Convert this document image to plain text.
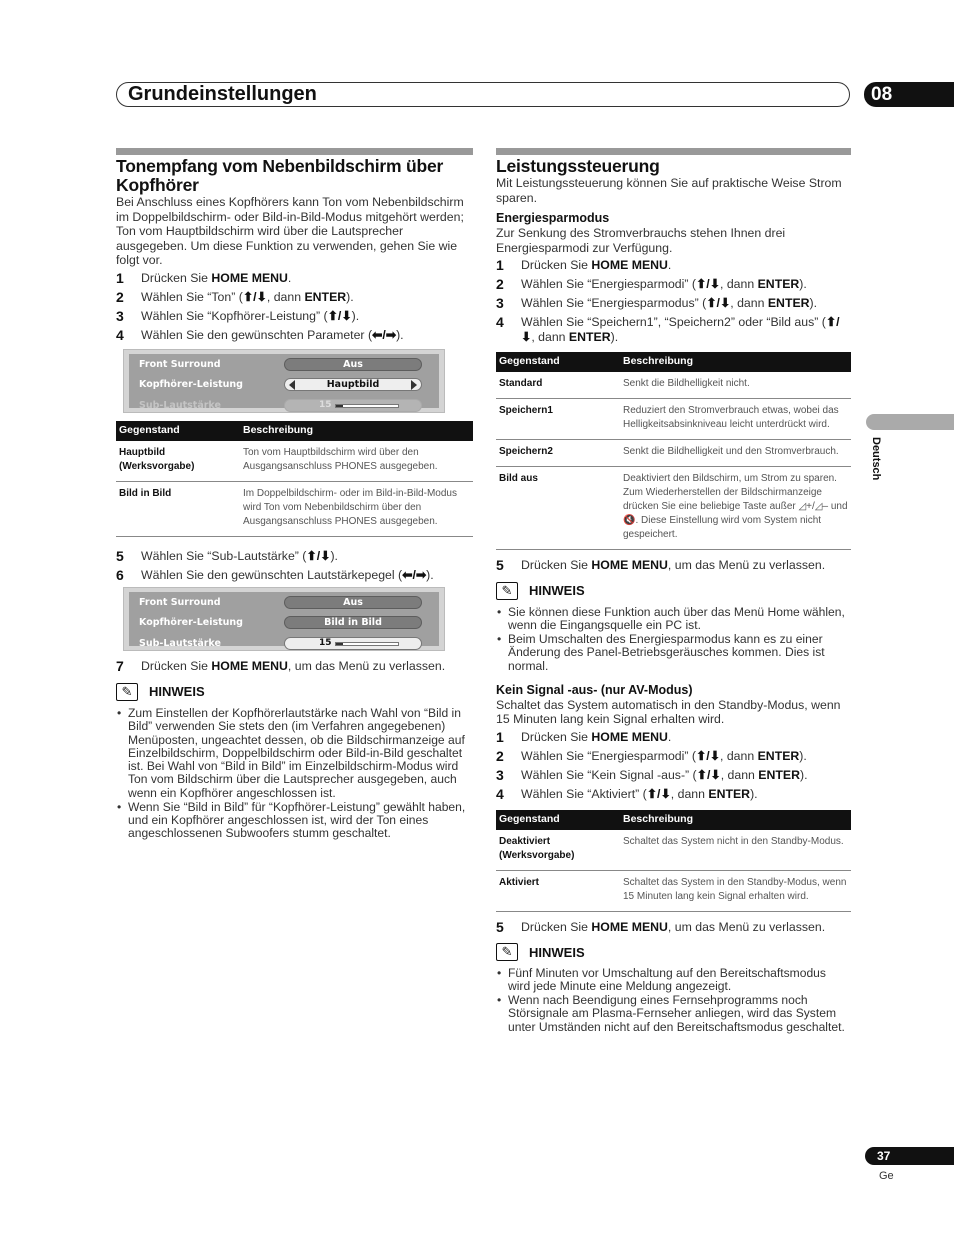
Grundeinstellungen	08
Tonempfang vom Nebenbildschirm über Kopfhörer

Bei Anschluss eines Kopfhörers kann Ton vom Nebenbildschirm im Doppelbildschirm- oder Bild-in-Bild-Modus mitgehört werden; Ton vom Hauptbildschirm wird über die Lautsprecher ausgegeben. Um diese Funktion zu verwenden, gehen Sie wie folgt vor.

1	Drücken Sie HOME MENU.
2	Wählen Sie “Ton” (⬆/⬇, dann ENTER).
3	Wählen Sie “Kopfhörer-Leistung” (⬆/⬇).
4	Wählen Sie den gewünschten Parameter (⬅/➡).
Front Surround	Aus
Kopfhörer-Leistung	Hauptbild
Sub-Lautstärke	15
Gegenstand	Beschreibung
Hauptbild (Werksvorgabe)	Ton vom Hauptbildschirm wird über den Ausgangsanschluss PHONES ausgegeben.
Bild in Bild	Im Doppelbildschirm- oder im Bild-in-Bild-Modus wird Ton vom Nebenbildschirm über den Ausgangsanschluss PHONES ausgegeben.
5	Wählen Sie “Sub-Lautstärke” (⬆/⬇).
6	Wählen Sie den gewünschten Lautstärkepegel (⬅/➡).
Front Surround	Aus
Kopfhörer-Leistung	Bild in Bild
Sub-Lautstärke	15
7	Drücken Sie HOME MENU, um das Menü zu verlassen.
✎	HINWEIS
• Zum Einstellen der Kopfhörerlautstärke nach Wahl von “Bild in Bild” verwenden Sie stets den (im Verfahren angegebenen) Menüposten, ungeachtet dessen, ob die Bildschirmanzeige auf Einzelbildschirm, Doppelbildschirm oder Bild-in-Bild geschaltet ist. Bei Wahl von “Bild in Bild” im Einzelbildschirm-Modus wird Ton vom Bildschirm über die Lautsprecher ausgegeben, auch wenn ein Kopfhörer angeschlossen ist.
• Wenn Sie “Bild in Bild” für “Kopfhörer-Leistung” gewählt haben, und ein Kopfhörer angeschlossen ist, wird der Ton eines angeschlossenen Subwoofers stumm geschaltet.
Leistungssteuerung

Mit Leistungssteuerung können Sie auf praktische Weise Strom sparen.

Energiesparmodus

Zur Senkung des Stromverbrauchs stehen Ihnen drei Energiesparmodi zur Verfügung.

1	Drücken Sie HOME MENU.
2	Wählen Sie “Energiesparmodi” (⬆/⬇, dann ENTER).
3	Wählen Sie “Energiesparmodus” (⬆/⬇, dann ENTER).
4	Wählen Sie “Speichern1”, “Speichern2” oder “Bild aus” (⬆/⬇, dann ENTER).
Gegenstand	Beschreibung
Standard	Senkt die Bildhelligkeit nicht.
Speichern1	Reduziert den Stromverbrauch etwas, wobei das Helligkeitsabsinkniveau leicht unterdrückt wird.
Speichern2	Senkt die Bildhelligkeit und den Stromverbrauch.
Bild aus	Deaktiviert den Bildschirm, um Strom zu sparen. Zum Wiederherstellen der Bildschirmanzeige drücken Sie eine beliebige Taste außer ◿+/◿– und 🔇. Diese Einstellung wird vom System nicht gespeichert.
5	Drücken Sie HOME MENU, um das Menü zu verlassen.
✎	HINWEIS
• Sie können diese Funktion auch über das Menü Home wählen, wenn die Eingangsquelle ein PC ist.
• Beim Umschalten des Energiesparmodus kann es zu einer Änderung des Panel-Betriebsgeräusches kommen. Dies ist normal.
Kein Signal -aus- (nur AV-Modus)

Schaltet das System automatisch in den Standby-Modus, wenn 15 Minuten lang kein Signal erhalten wird.

1	Drücken Sie HOME MENU.
2	Wählen Sie “Energiesparmodi” (⬆/⬇, dann ENTER).
3	Wählen Sie “Kein Signal -aus-” (⬆/⬇, dann ENTER).
4	Wählen Sie “Aktiviert” (⬆/⬇, dann ENTER).
Gegenstand	Beschreibung
Deaktiviert (Werksvorgabe)	Schaltet das System nicht in den Standby-Modus.
Aktiviert	Schaltet das System in den Standby-Modus, wenn 15 Minuten lang kein Signal erhalten wird.
5	Drücken Sie HOME MENU, um das Menü zu verlassen.
✎	HINWEIS
• Fünf Minuten vor Umschaltung auf den Bereitschaftsmodus wird jede Minute eine Meldung angezeigt.
• Wenn nach Beendigung eines Fernsehprogramms noch Störsignale am Plasma-Fernseher anliegen, wird das System unter Umständen nicht auf den Bereitschaftsmodus geschaltet.
Deutsch
37
Ge
